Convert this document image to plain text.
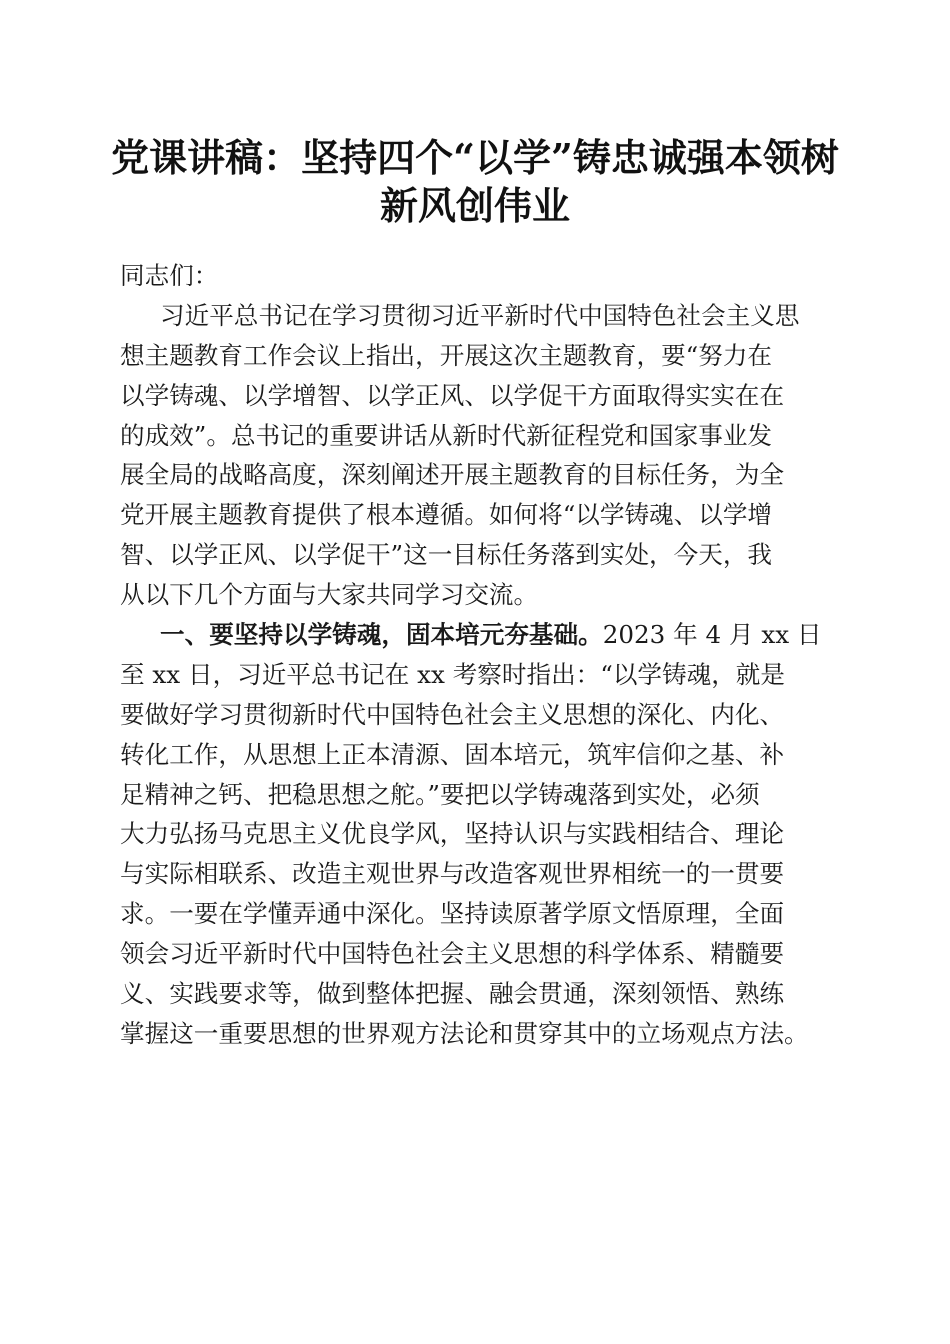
党课讲稿：坚持四个“以学”铸忠诚强本领树
新风创伟业
同志们：
习近平总书记在学习贯彻习近平新时代中国特色社会主义思
想主题教育工作会议上指出，开展这次主题教育，要“努力在
以学铸魂、以学增智、以学正风、以学促干方面取得实实在在
的成效”。总书记的重要讲话从新时代新征程党和国家事业发
展全局的战略高度，深刻阐述开展主题教育的目标任务，为全
党开展主题教育提供了根本遵循。如何将“以学铸魂、以学增
智、以学正风、以学促干”这一目标任务落到实处，今天，我
从以下几个方面与大家共同学习交流。
一、要坚持以学铸魂，固本培元夯基础。2023 年 4 月 xx 日
至 xx 日，习近平总书记在 xx 考察时指出：“以学铸魂，就是
要做好学习贯彻新时代中国特色社会主义思想的深化、内化、
转化工作，从思想上正本清源、固本培元，筑牢信仰之基、补
足精神之钙、把稳思想之舵。”要把以学铸魂落到实处，必须
大力弘扬马克思主义优良学风，坚持认识与实践相结合、理论
与实际相联系、改造主观世界与改造客观世界相统一的一贯要
求。一要在学懂弄通中深化。坚持读原著学原文悟原理，全面
领会习近平新时代中国特色社会主义思想的科学体系、精髓要
义、实践要求等，做到整体把握、融会贯通，深刻领悟、熟练
掌握这一重要思想的世界观方法论和贯穿其中的立场观点方法。
